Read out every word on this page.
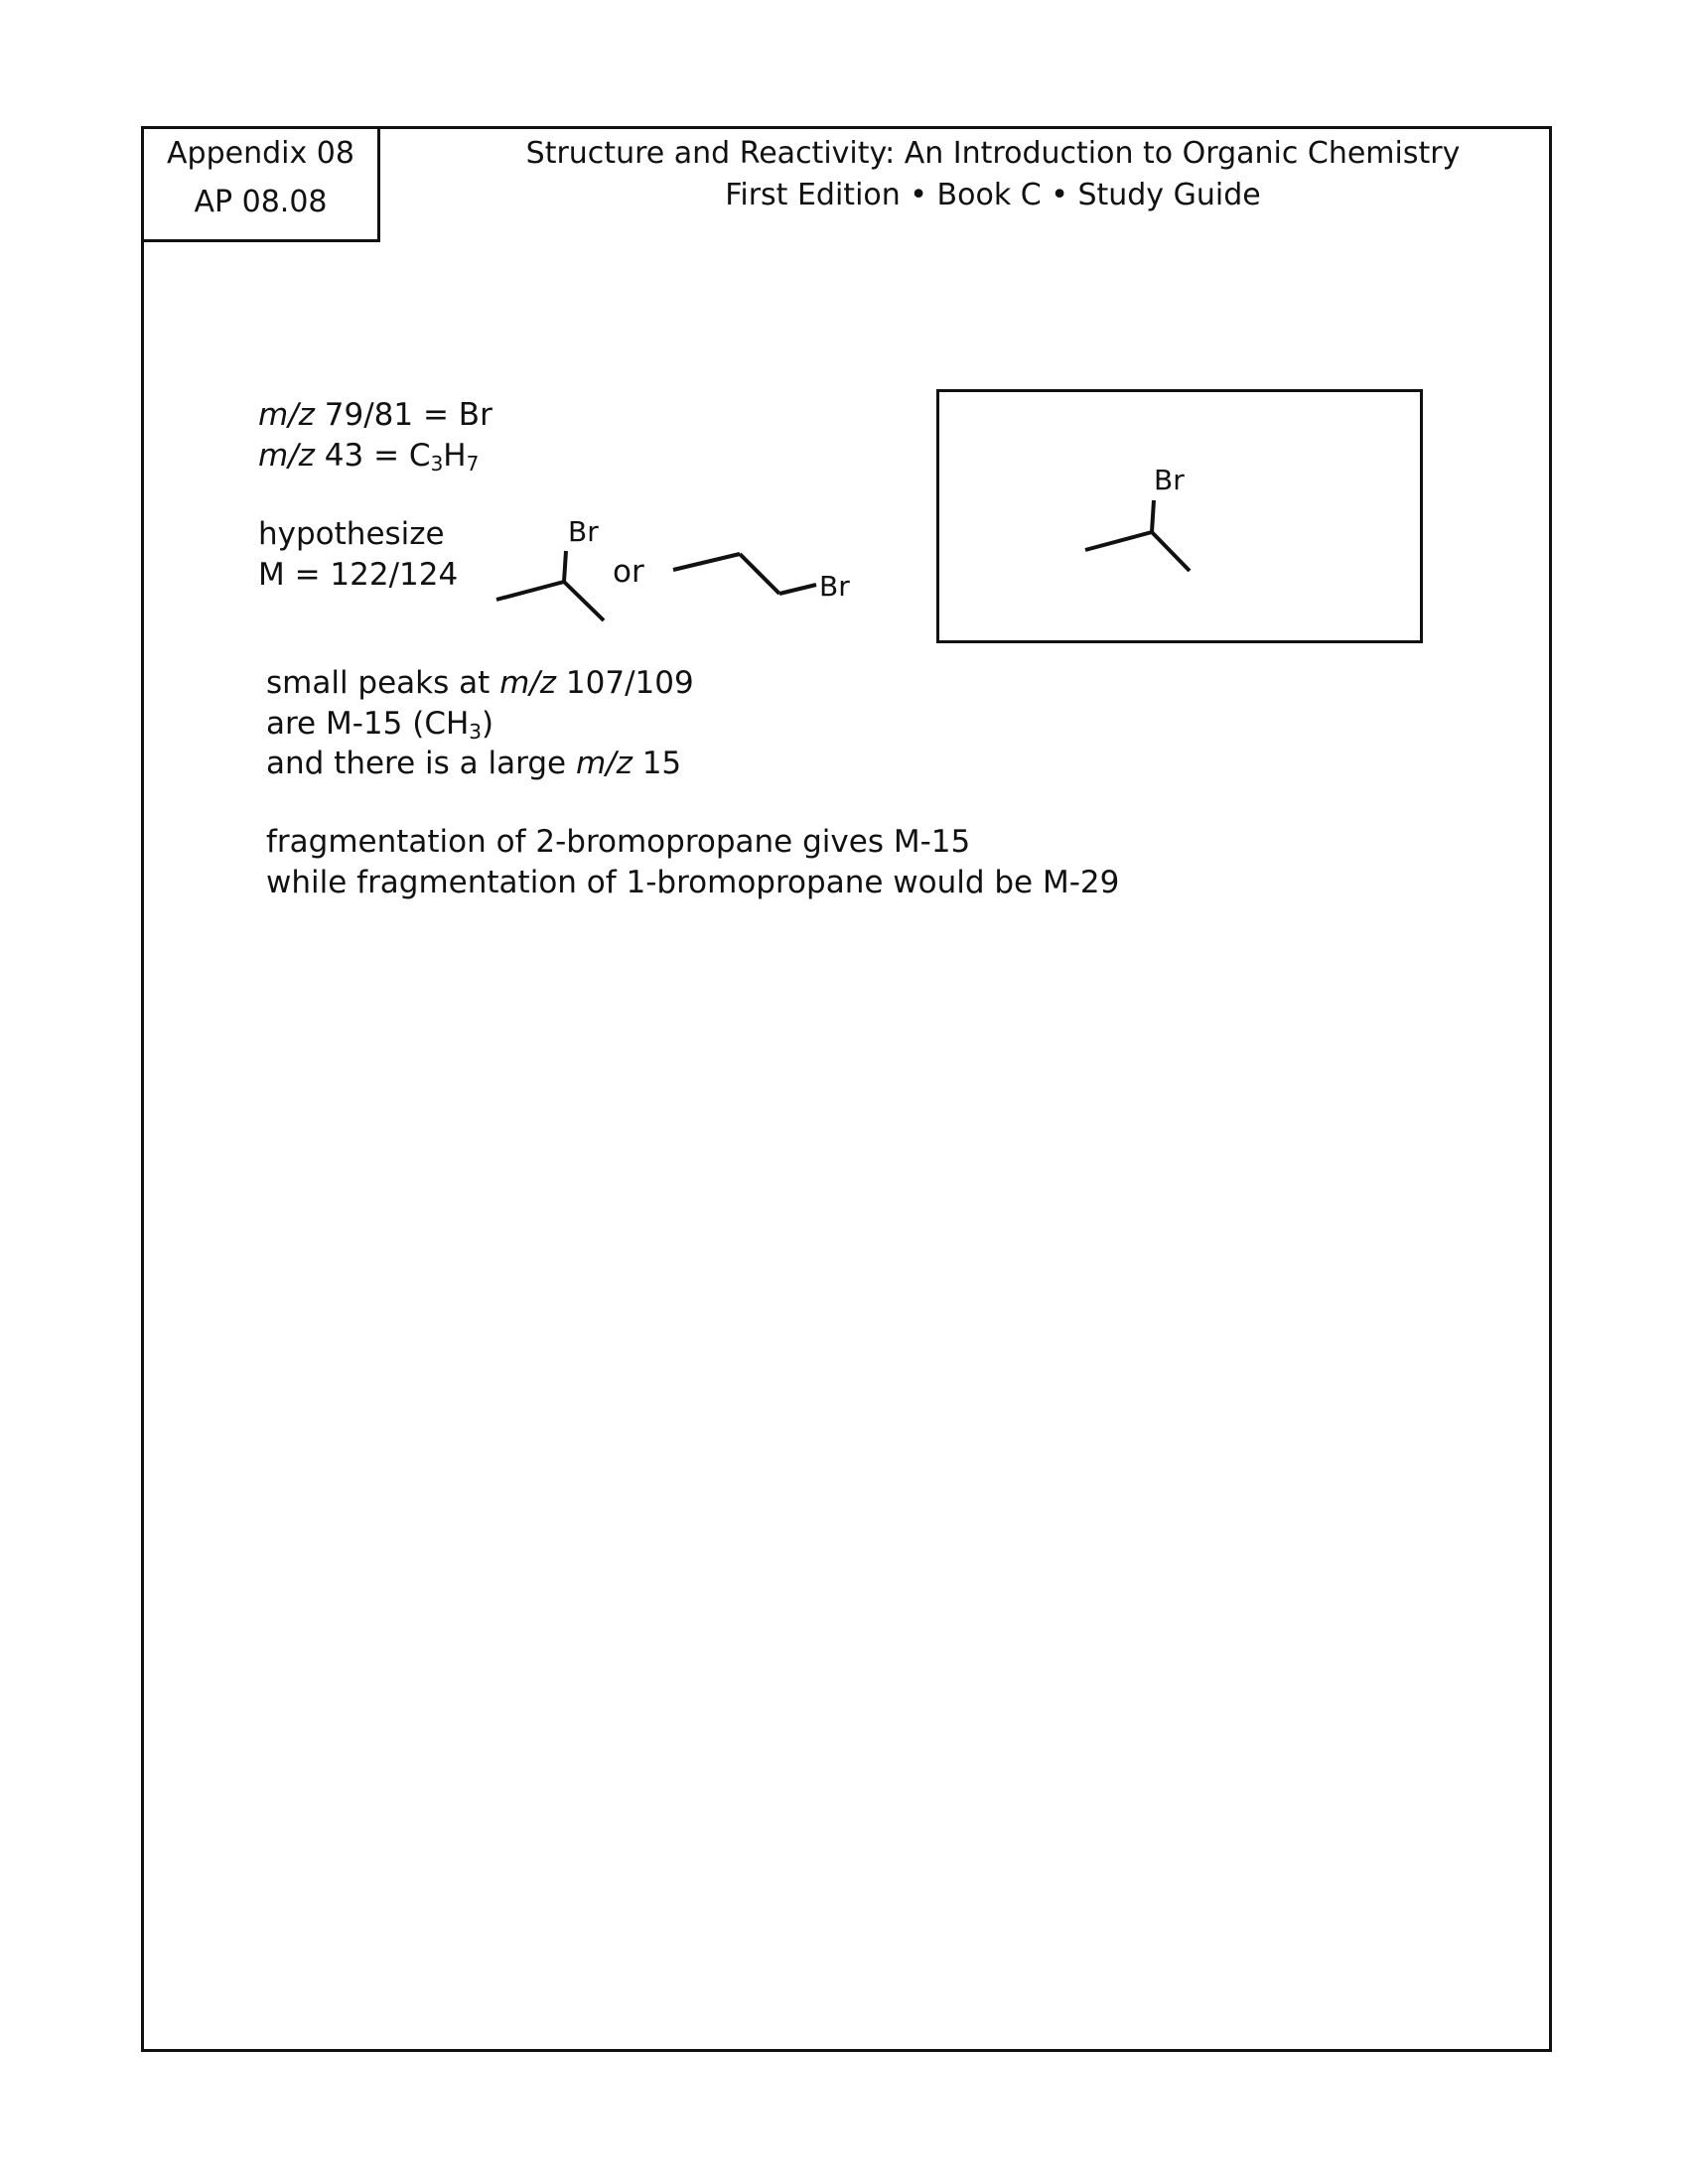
Appendix 08
AP 08.08
Structure and Reactivity: An Introduction to Organic Chemistry
First Edition • Book C • Study Guide
m/z 79/81 = Br
m/z $43 = C_3H_7$
hypothesize
M = 122/124
Br
or	Br
Br
small peaks at m/z 107/109
are M-15 $(CH_3)$
and there is a large m/z 15
fragmentation of 2-bromopropane gives M-15
while fragmentation of 1-bromopropane would be M-29
